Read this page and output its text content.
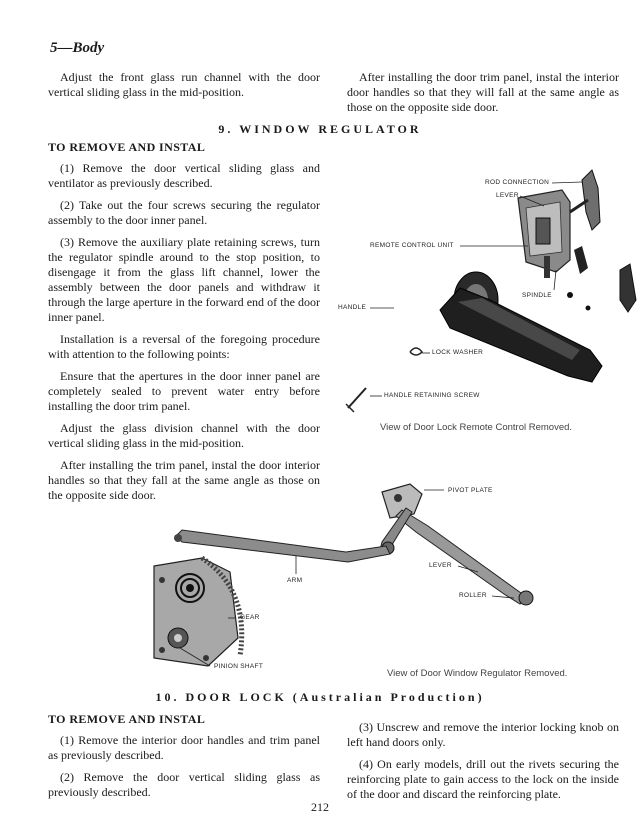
5—Body
Adjust the front glass run channel with the door vertical sliding glass in the mid-position.
After installing the door trim panel, instal the interior door handles so that they will fall at the same angle as those on the opposite side door.
9. WINDOW REGULATOR
TO REMOVE AND INSTAL

(1) Remove the door vertical sliding glass and ventilator as previously described.

(2) Take out the four screws securing the regulator assembly to the door inner panel.

(3) Remove the auxiliary plate retaining screws, turn the regulator spindle around to the stop position, to disengage it from the glass lift channel, lower the assembly between the door panels and withdraw it through the large aperture in the forward end of the door inner panel.

Installation is a reversal of the foregoing procedure with attention to the following points:

Ensure that the apertures in the door inner panel are completely sealed to prevent water entry before installing the door trim panel.

Adjust the glass division channel with the door vertical sliding glass in the mid-position.

After installing the trim panel, instal the door interior handles so that they fall at the same angle as those on the opposite side door.

ROD CONNECTION
LEVER
REMOTE CONTROL UNIT
SPINDLE
HANDLE
LOCK WASHER
HANDLE RETAINING SCREW
View of Door Lock Remote Control Removed.
PIVOT PLATE
ARM
LEVER
ROLLER
GEAR
PINION SHAFT
View of Door Window Regulator Removed.
10. DOOR LOCK (Australian Production)
TO REMOVE AND INSTAL

(1) Remove the interior door handles and trim panel as previously described.

(2) Remove the door vertical sliding glass as previously described.

(3) Unscrew and remove the interior locking knob on left hand doors only.

(4) On early models, drill out the rivets securing the reinforcing plate to gain access to the lock on the inside of the door and discard the reinforcing plate.

212
